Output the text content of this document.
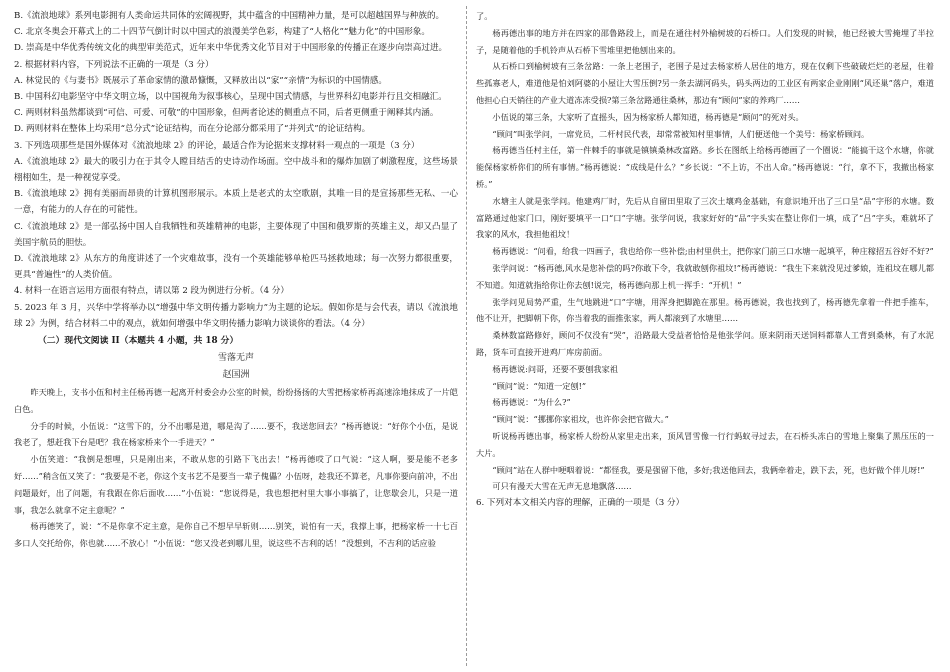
B.《流浪地球》系列电影拥有人类命运共同体的宏阔视野，其中蕴含的中国精神力量，是可以超越国界与种族的。

C. 北京冬奥会开幕式上的二十四节气倒计时以中国式的浪漫美学色彩，构建了“人格化”“魅力化”的中国形象。

D. 崇高是中华优秀传统文化的典型审美范式，近年来中华优秀文化节目对于中国形象的传播正在逐步向崇高过进。

2. 根据材料内容，下列说法不正确的一项是（3 分）

A. 林觉民的《与妻书》既展示了革命家情的激昂慷慨，又释放出以“家”“亲情”为标识的中国情感。

B. 中国科幻电影坚守中华文明立场，以中国视角为叙事核心，呈现中国式情感，与世界科幻电影并行且交相融汇。

C. 两则材料虽然都谈到“可信、可爱、可敬”的中国形象，但两者论述的侧重点不同，后者更侧重于阐释其内涵。

D. 两则材料在整体上均采用“总分式”论证结构，而在分论部分都采用了“并列式”的论证结构。

3. 下列选项那些是国外媒体对《流浪地球 2》的评论，最适合作为论据来支撑材料一观点的一项是（3 分）

A.《流浪地球 2》最大的吸引力在于其令人瞠目结舌的史诗动作场面。空中战斗和的爆炸加剧了刺激程度，这些场景栩栩如生，是一种视觉享受。

B.《流浪地球 2》拥有美丽而昂贵的计算机图形展示。本质上是老式的太空歌剧，其唯一目的是宣扬那些无私、一心一意，有能力的人存在的可能性。

C.《流浪地球 2》是一部弘扬中国人自我牺牲和英雄精神的电影，主要体现了中国和俄罗斯的英雄主义，却又凸显了美国宇航员的胆怯。

D.《流浪地球 2》从东方的角度讲述了一个灾难故事，没有一个英雄能够单枪匹马拯救地球；每一次努力都很重要，更具“普遍性”的人类价值。

4. 材料一在语言运用方面很有特点，请以第 2 段为例进行分析。（4 分）

5. 2023 年 3 月，兴华中学将举办以“增强中华文明传播力影响力”为主题的论坛。假如你是与会代表，请以《流浪地球 2》为例，结合材料二中的观点，就如何增强中华文明传播力影响力谈谈你的看法。（4 分）

（二）现代文阅读 II（本题共 4 小题，共 18 分）

雪落无声

赵国洲

昨天晚上，支书小伍和村主任杨再德一起离开村委会办公室的时候，纷纷扬扬的大雪把杨家桥再高速涂地抹成了一片皑白色。

分手的时候，小伍说：“这雪下的，分不出哪是道，哪是沟了……要不，我送您回去？”杨再德说：“好你个小伍，是说我老了，想赶我下台是吧？我在杨家桥来个一手进天？”

小伍笑道：“我倒是想哩，只是刚出来，不敢从您的引路下飞出去！”杨再德哎了口气说：“这人啊，要是能不老多好……”稍含伍又笑了：“我要是不老，你这个支书艺不是要当一辈子傀儡？小伍呀，趁我还不算老，凡事你要向前冲，不出问题最好，出了问题，有我跟在你后面收……”小伍说：“您说得是，我也想把村里大事小事搞了，让您歇会儿，只是一道事，我怎么就拿不定主意呢？”

杨再德笑了，说：“不是你拿不定主意，是你自己不想早早斩则……别笑，说怕有一天，我撑上事，把杨家桥一十七百多口人交托给你，你也就……不放心！”小伍说：“您又没老到哪儿里，说这些不吉利的话！”没想到，不吉利的话应验

了。

杨再德出事的地方并在四家的邵鲁路段上，而是在通往村外榆树坡的石桥口。人们发现的时候，他已经被大雪掩埋了半拉子，是随着他的手机铃声从石桥下雪堆里把他刨出来的。

从石桥口到榆树坡有三条岔路：一条上老围子，老围子是过去杨家桥人居住的地方，现在仅剩下些破破烂烂的老屋，住着些孤寡老人，难道他是怕刘阿婆的小屋让大雪压倒?另一条去湖河码头，码头两边的工业区有两家企业刚刚“风还巢”落户，难道他担心白天销往的产业大道冻冻受损?第三条岔路通往桑林，那边有“顾问”家的养鸡厂……

小伍说的第三条，大家听了直摇头，因为杨家桥人都知道，杨再德是“顾问”的死对头。

“顾问”叫张学问，一席党员，二杆村民代表，却常常被知村里事情，人们便送他一个美号：杨家桥顾问。

杨再德当任村主任，第一件棘手的事就是镇镇桑林改富路。乡长在图纸上给杨再德画了一个圈说：“能搞干这个水塘，你就能保杨家桥你们的所有事情。”杨再德说：“成线是什么？”乡长说：“不上访，不出人命。”杨再德说：“行，拿不下，我撤出杨家桥。”

水塘主人就是张学问。他建鸡厂时，先后从自留田里取了三次土壤鸡金基础，有意识地开出了三口呈“品”字形的水塘。数富路通过他家门口，刚好要填平一口“口”字塘。张学问说，我家好好的“品”字头实在整让你们一填，成了“吕”字头，难就坏了我家的风水，我担他祖坟！

杨再德说：“问看，给我一四画子，我也给你一些补偿;由村里供土，把你家门前三口水塘一起填平，种庄稼招五谷好不好?”

张学问说：“杨再德,风水是您补偿的吗?你敢下令，我就敢刨你祖坟!”杨再德说：“我生下来就没见过爹娘，连祖坟在哪儿都不知道。知道就指给你让你去刨!说完，杨再德向那上机一挥手：“开机！”

张学问见局势严重，生气地跳进“口”字塘，用浑身把脚跪在那里。杨再德说，我也找到了，杨再德先拿着一件把手推车，他不让开，把脚朝下你，你当着我的面推张家，两人都滚到了水塘里……

桑林数富路修好，顾问不仅没有“哭”，沿路最大受益者恰恰是他张学问。原来阴雨天送饲料都靠人工背到桑林，有了水泥路，货车可直接开进鸡厂库房前面。

杨再德说:问哥，还要不要刨我家祖

“顾问”说：“知道一定刨!”

杨再德说：“为什么?”

“顾问”说：“挪挪你家祖坟，也许你会把官做大。”

听说杨再德出事，杨家桥人纷纷从家里走出来，顶风冒雪像一行行蚂蚁寻过去，在石桥头冻白的雪地上聚集了黑压压的一大片。

“顾问”站在人群中哽咽着说：“都怪我，要是强留下他，多好;我送他回去，我俩牵着走，跌下去，死，也好做个伴儿呀!”

可只有漫天大雪在无声无息地飘落……

6. 下列对本文相关内容的理解，正确的一项是（3 分）
